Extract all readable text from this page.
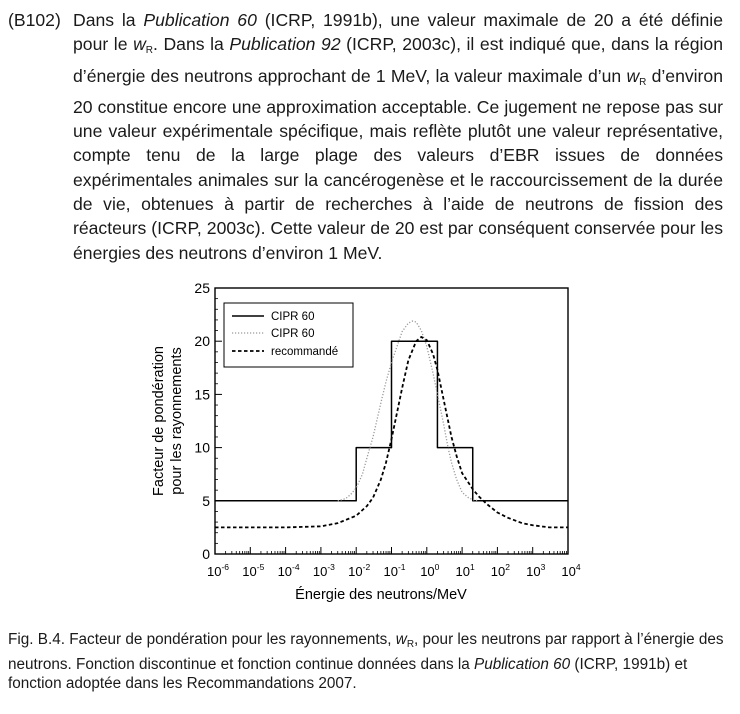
(B102) Dans la Publication 60 (ICRP, 1991b), une valeur maximale de 20 a été définie pour le $w_R$. Dans la Publication 92 (ICRP, 2003c), il est indiqué que, dans la région d’énergie des neutrons approchant de 1 MeV, la valeur maximale d’un $w_R$ d’environ 20 constitue encore une approximation acceptable. Ce jugement ne repose pas sur une valeur expérimentale spécifique, mais reflète plutôt une valeur représentative, compte tenu de la large plage des valeurs d’EBR issues de données expérimentales animales sur la cancérogenèse et le raccourcissement de la durée de vie, obtenues à partir de recherches à l’aide de neutrons de fission des réacteurs (ICRP, 2003c). Cette valeur de 20 est par conséquent conservée pour les énergies des neutrons d’environ 1 MeV.
CIPR 60
CIPR 60
recommandé
0
5
10
15
20
25
$10^{-6}$ $10^{-5}$ $10^{-4}$ $10^{-3}$ $10^{-2}$ $10^{-1}$ $10^0$ $10^1$ $10^2$ $10^3$ $10^4$
Énergie des neutrons/MeV
Facteur de pondération pour les rayonnements
Fig. B.4. Facteur de pondération pour les rayonnements, $w_R$, pour les neutrons par rapport à l’énergie des neutrons. Fonction discontinue et fonction continue données dans la Publication 60 (ICRP, 1991b) et fonction adoptée dans les Recommandations 2007.
